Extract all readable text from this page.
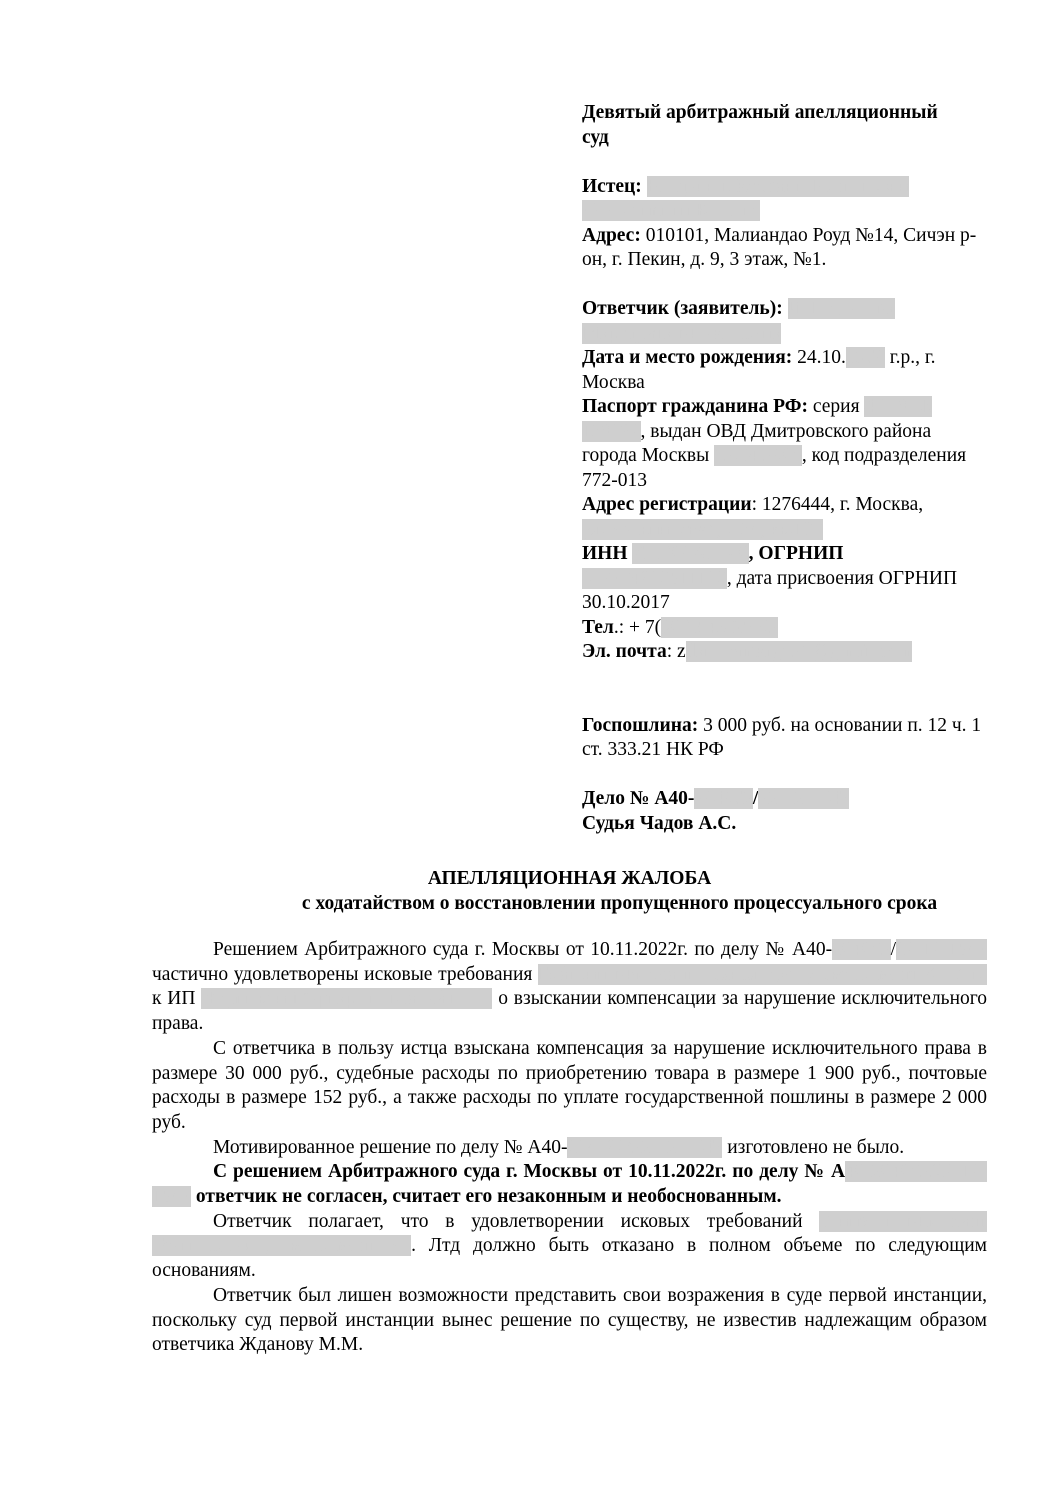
Девятый арбитражный апелляционный
суд

Истец: Бэйцзин Масскинг Технолоджи Девелопмент Ко. Лтд

Адрес: 010101, Малиандао Роуд №14, Сичэн р-он, г. Пекин, д. 9, 3 этаж, №1.

Ответчик (заявитель): ИП Жданова Маргарита Михайловна

Дата и место рождения: 24.10.1960 г.р., г. Москва

Паспорт гражданина РФ: серия 45 08 № 138092, выдан ОВД Дмитровского района города Москвы 12.04.2006, код подразделения 772-013

Адрес регистрации: 1276444, г. Москва,
ул. Кульнинская, д.34, кв.197

ИНН 771300781180, ОГРНИП
317774600511100, дата присвоения ОГРНИП 30.10.2017

Тел.: + 7(903)548-25-52

Эл. почта: zdanovamargo21@gmail.com

Госпошлина: 3 000 руб. на основании п. 12 ч. 1 ст. 333.21 НК РФ

Дело № А40-204062/22-12-1547

Судья Чадов А.С.

АПЕЛЛЯЦИОННАЯ ЖАЛОБА
с ходатайством о восстановлении пропущенного процессуального срока

Решением Арбитражного суда г. Москвы от 10.11.2022г. по делу № А40-204062/22-12-1547 частично удовлетворены исковые требования Бэйцзин Масскинг Технолоджи Девелопмент Ко. Лтд к ИП Ждановой Маргарите Михайловне о взыскании компенсации за нарушение исключительного права.

С ответчика в пользу истца взыскана компенсация за нарушение исключительного права в размере 30 000 руб., судебные расходы по приобретению товара в размере 1 900 руб., почтовые расходы в размере 152 руб., а также расходы по уплате государственной пошлины в размере 2 000 руб.

Мотивированное решение по делу № А40-204062/22-12-1547 изготовлено не было.

С решением Арбитражного суда г. Москвы от 10.11.2022г. по делу № А40-204062/22-12-1547 ответчик не согласен, считает его незаконным и необоснованным.

Ответчик полагает, что в удовлетворении исковых требований Бэйцзин Масскинг Технолоджи Девелопмент Ко. Лтд должно быть отказано в полном объеме по следующим основаниям.

Ответчик был лишен возможности представить свои возражения в суде первой инстанции, поскольку суд первой инстанции вынес решение по существу, не известив надлежащим образом ответчика Жданову М.М.
